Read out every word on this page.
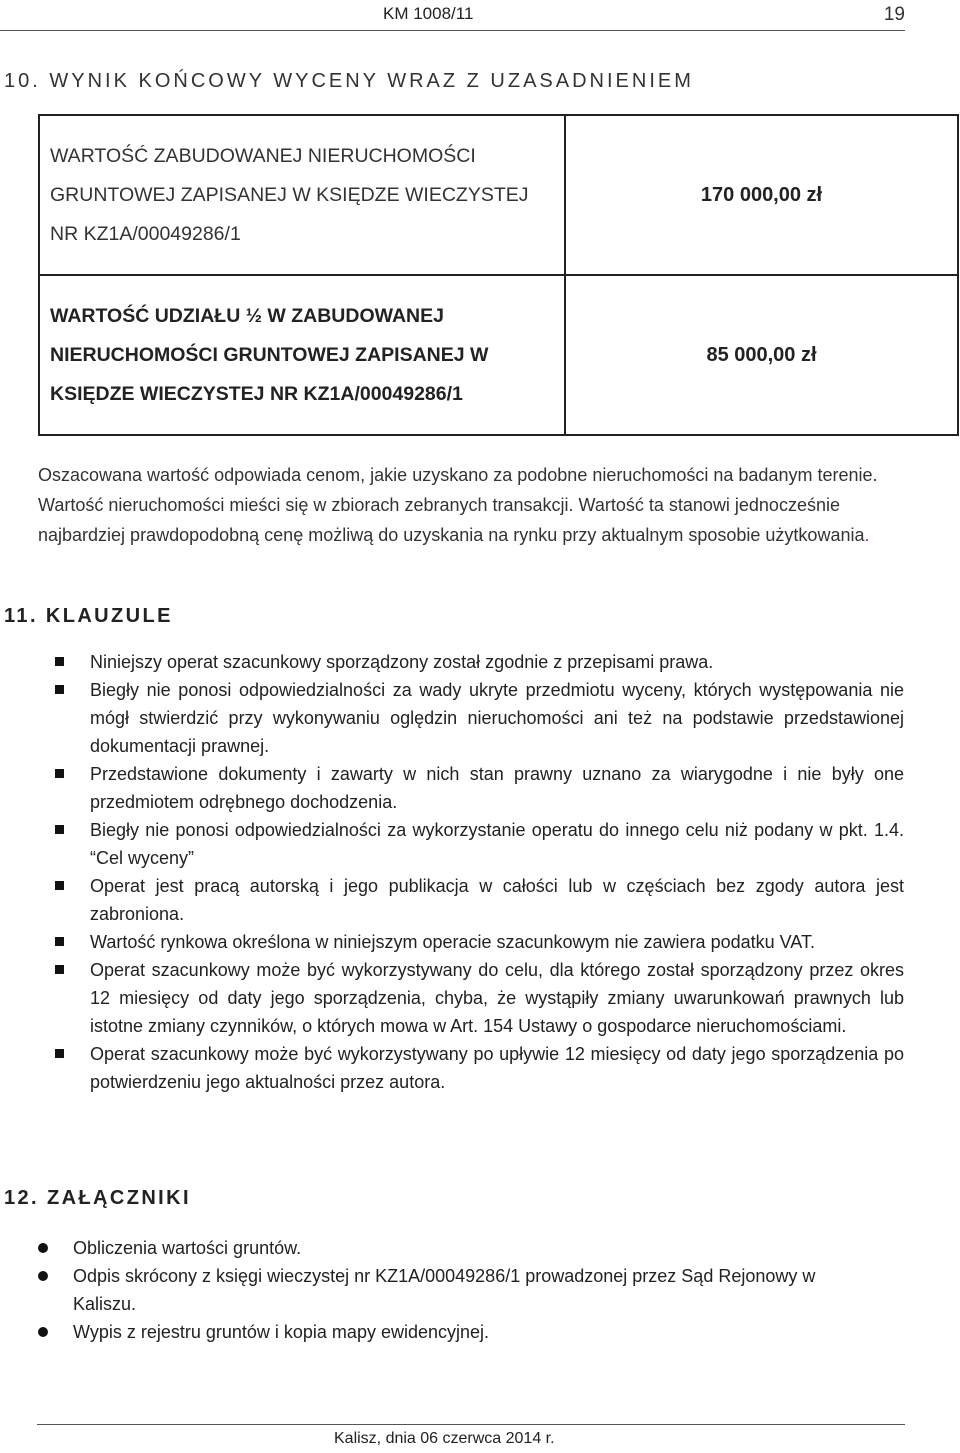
KM 1008/11	19
10. WYNIK KOŃCOWY WYCENY WRAZ Z UZASADNIENIEM
WARTOŚĆ ZABUDOWANEJ NIERUCHOMOŚCI GRUNTOWEJ ZAPISANEJ W KSIĘDZE WIECZYSTEJ NR KZ1A/00049286/1	170 000,00 zł
WARTOŚĆ UDZIAŁU ½ W ZABUDOWANEJ NIERUCHOMOŚCI GRUNTOWEJ ZAPISANEJ W KSIĘDZE WIECZYSTEJ NR KZ1A/00049286/1	85 000,00 zł
Oszacowana wartość odpowiada cenom, jakie uzyskano za podobne nieruchomości na badanym terenie. Wartość nieruchomości mieści się w zbiorach zebranych transakcji. Wartość ta stanowi jednocześnie najbardziej prawdopodobną cenę możliwą do uzyskania na rynku przy aktualnym sposobie użytkowania.
11. KLAUZULE
Niniejszy operat szacunkowy sporządzony został zgodnie z przepisami prawa.
Biegły nie ponosi odpowiedzialności za wady ukryte przedmiotu wyceny, których występowania nie mógł stwierdzić przy wykonywaniu oględzin nieruchomości ani też na podstawie przedstawionej dokumentacji prawnej.
Przedstawione dokumenty i zawarty w nich stan prawny uznano za wiarygodne i nie były one przedmiotem odrębnego dochodzenia.
Biegły nie ponosi odpowiedzialności za wykorzystanie operatu do innego celu niż podany w pkt. 1.4. “Cel wyceny”
Operat jest pracą autorską i jego publikacja w całości lub w częściach bez zgody autora jest zabroniona.
Wartość rynkowa określona w niniejszym operacie szacunkowym nie zawiera podatku VAT.
Operat szacunkowy może być wykorzystywany do celu, dla którego został sporządzony przez okres 12 miesięcy od daty jego sporządzenia, chyba, że wystąpiły zmiany uwarunkowań prawnych lub istotne zmiany czynników, o których mowa w Art. 154 Ustawy o gospodarce nieruchomościami.
Operat szacunkowy może być wykorzystywany po upływie 12 miesięcy od daty jego sporządzenia po potwierdzeniu jego aktualności przez autora.
12. ZAŁĄCZNIKI
Obliczenia wartości gruntów.
Odpis skrócony z księgi wieczystej nr KZ1A/00049286/1 prowadzonej przez Sąd Rejonowy w Kaliszu.
Wypis z rejestru gruntów i kopia mapy ewidencyjnej.
Kalisz, dnia 06 czerwca 2014 r.
